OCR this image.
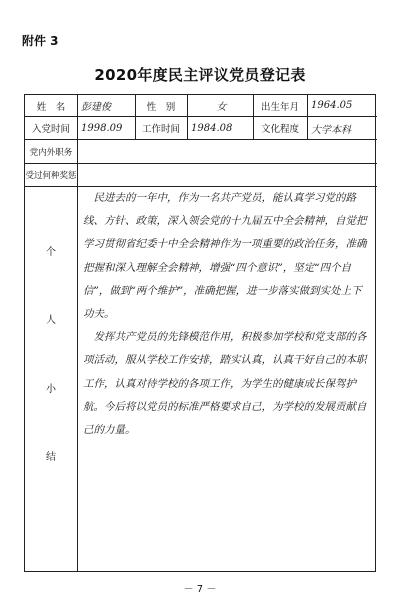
附件 3
2020年度民主评议党员登记表
姓　名	彭建俊	性　别	女	出生年月	1964.05
入党时间	1998.09	工作时间	1984.08	文化程度	大学本科
党内外职务
受过何种奖惩
个
人
小
结
　民进去的一年中，作为一名共产党员，能认真学习党的路线、方针、政策，深入领会党的十九届五中全会精神，自觉把学习贯彻省纪委十中全会精神作为一项重要的政治任务，准确把握和深入理解全会精神，增强“四个意识”，坚定“四个自信”，做到“两个维护”，准确把握，进一步落实做到实处上下功夫。
　发挥共产党员的先锋模范作用，积极参加学校和党支部的各项活动，服从学校工作安排，踏实认真，认真干好自己的本职工作，认真对待学校的各项工作，为学生的健康成长保驾护航。今后将以党员的标准严格要求自己，为学校的发展贡献自己的力量。
－ 7 －
